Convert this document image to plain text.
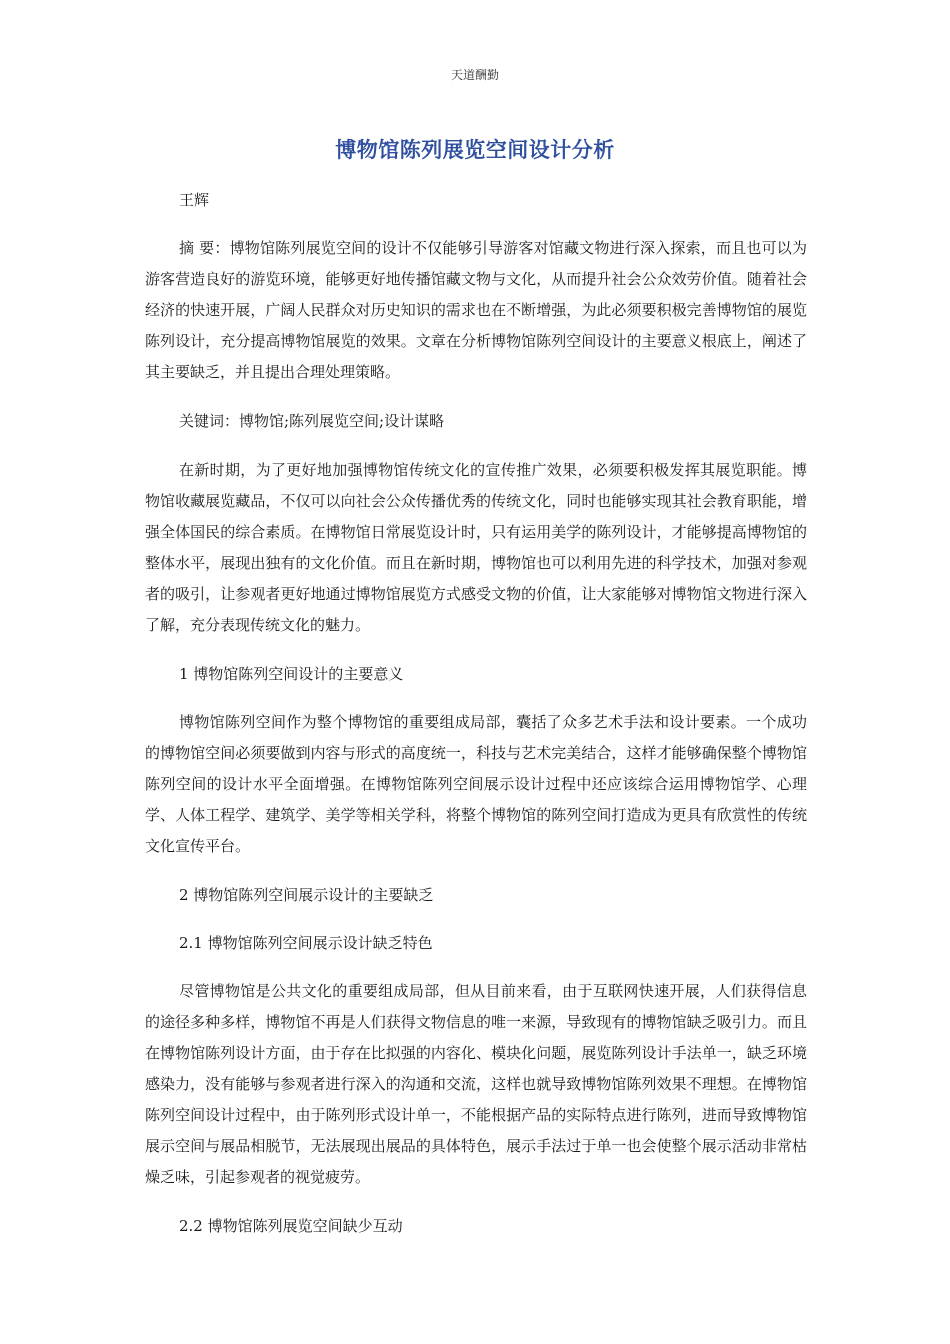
天道酬勤
博物馆陈列展览空间设计分析

王辉

摘 要：博物馆陈列展览空间的设计不仅能够引导游客对馆藏文物进行深入探索，而且也可以为游客营造良好的游览环境，能够更好地传播馆藏文物与文化，从而提升社会公众效劳价值。随着社会经济的快速开展，广阔人民群众对历史知识的需求也在不断增强，为此必须要积极完善博物馆的展览陈列设计，充分提高博物馆展览的效果。文章在分析博物馆陈列空间设计的主要意义根底上，阐述了其主要缺乏，并且提出合理处理策略。

关键词：博物馆;陈列展览空间;设计谋略

在新时期，为了更好地加强博物馆传统文化的宣传推广效果，必须要积极发挥其展览职能。博物馆收藏展览藏品，不仅可以向社会公众传播优秀的传统文化，同时也能够实现其社会教育职能，增强全体国民的综合素质。在博物馆日常展览设计时，只有运用美学的陈列设计，才能够提高博物馆的整体水平，展现出独有的文化价值。而且在新时期，博物馆也可以利用先进的科学技术，加强对参观者的吸引，让参观者更好地通过博物馆展览方式感受文物的价值，让大家能够对博物馆文物进行深入了解，充分表现传统文化的魅力。

1 博物馆陈列空间设计的主要意义

博物馆陈列空间作为整个博物馆的重要组成局部，囊括了众多艺术手法和设计要素。一个成功的博物馆空间必须要做到内容与形式的高度统一，科技与艺术完美结合，这样才能够确保整个博物馆陈列空间的设计水平全面增强。在博物馆陈列空间展示设计过程中还应该综合运用博物馆学、心理学、人体工程学、建筑学、美学等相关学科，将整个博物馆的陈列空间打造成为更具有欣赏性的传统文化宣传平台。

2 博物馆陈列空间展示设计的主要缺乏

2.1 博物馆陈列空间展示设计缺乏特色

尽管博物馆是公共文化的重要组成局部，但从目前来看，由于互联网快速开展，人们获得信息的途径多种多样，博物馆不再是人们获得文物信息的唯一来源，导致现有的博物馆缺乏吸引力。而且在博物馆陈列设计方面，由于存在比拟强的内容化、模块化问题，展览陈列设计手法单一，缺乏环境感染力，没有能够与参观者进行深入的沟通和交流，这样也就导致博物馆陈列效果不理想。在博物馆陈列空间设计过程中，由于陈列形式设计单一，不能根据产品的实际特点进行陈列，进而导致博物馆展示空间与展品相脱节，无法展现出展品的具体特色，展示手法过于单一也会使整个展示活动非常枯燥乏味，引起参观者的视觉疲劳。

2.2 博物馆陈列展览空间缺少互动
